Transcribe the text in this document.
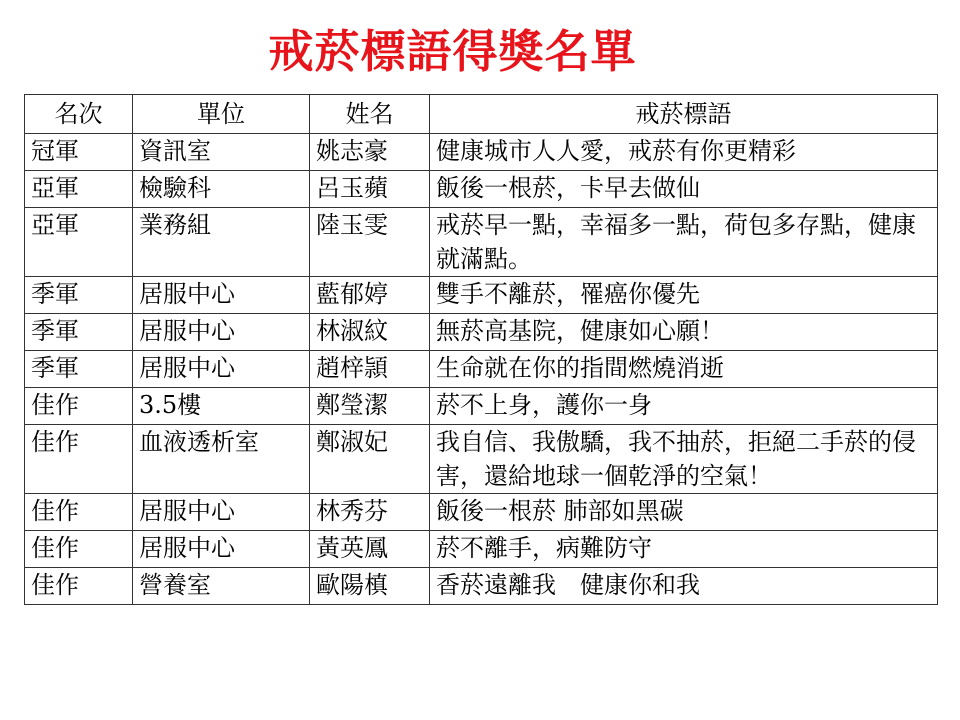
戒菸標語得獎名單
名次	單位	姓名	戒菸標語
冠軍	資訊室	姚志豪	健康城市人人愛，戒菸有你更精彩
亞軍	檢驗科	呂玉蘋	飯後一根菸，卡早去做仙
亞軍	業務組	陸玉雯	戒菸早一點，幸福多一點，荷包多存點，健康就滿點。
季軍	居服中心	藍郁婷	雙手不離菸，罹癌你優先
季軍	居服中心	林淑紋	無菸高基院，健康如心願！
季軍	居服中心	趙梓頴	生命就在你的指間燃燒消逝
佳作	3.5樓	鄭瑩潔	菸不上身，護你一身
佳作	血液透析室	鄭淑妃	我自信、我傲驕，我不抽菸，拒絕二手菸的侵害，還給地球一個乾淨的空氣！
佳作	居服中心	林秀芬	飯後一根菸 肺部如黑碳
佳作	居服中心	黃英鳳	菸不離手，病難防守
佳作	營養室	歐陽槙	香菸遠離我　健康你和我
